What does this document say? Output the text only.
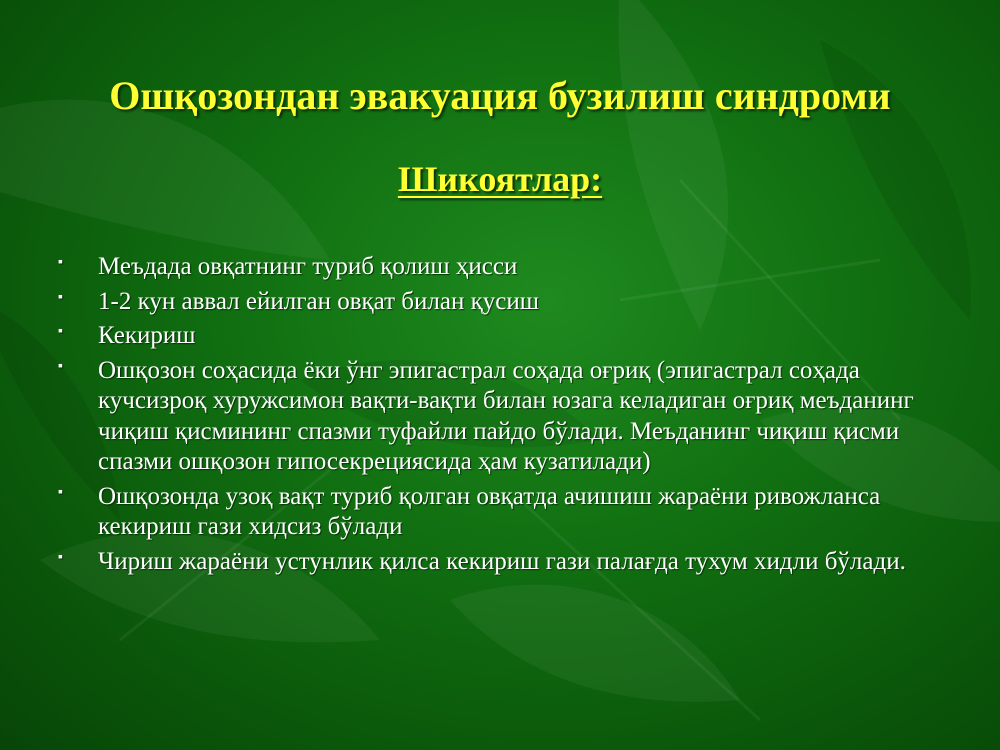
Ошқозондан эвакуация бузилиш синдроми
Шикоятлар:
▪	Меъдада овқатнинг туриб қолиш ҳисси
▪	1-2 кун аввал ейилган овқат билан қусиш
▪	Кекириш
▪	Ошқозон соҳасида ёки ўнг эпигастрал соҳада оғриқ (эпигастрал соҳада кучсизроқ хуружсимон вақти-вақти билан юзага келадиган оғриқ меъданинг чиқиш қисмининг спазми туфайли пайдо бўлади. Меъданинг чиқиш қисми спазми ошқозон гипосекрециясида ҳам кузатилади)
▪	Ошқозонда узоқ вақт туриб қолган овқатда ачишиш жараёни ривожланса кекириш гази хидсиз бўлади
▪	Чириш жараёни устунлик қилса кекириш гази палағда тухум хидли бўлади.
